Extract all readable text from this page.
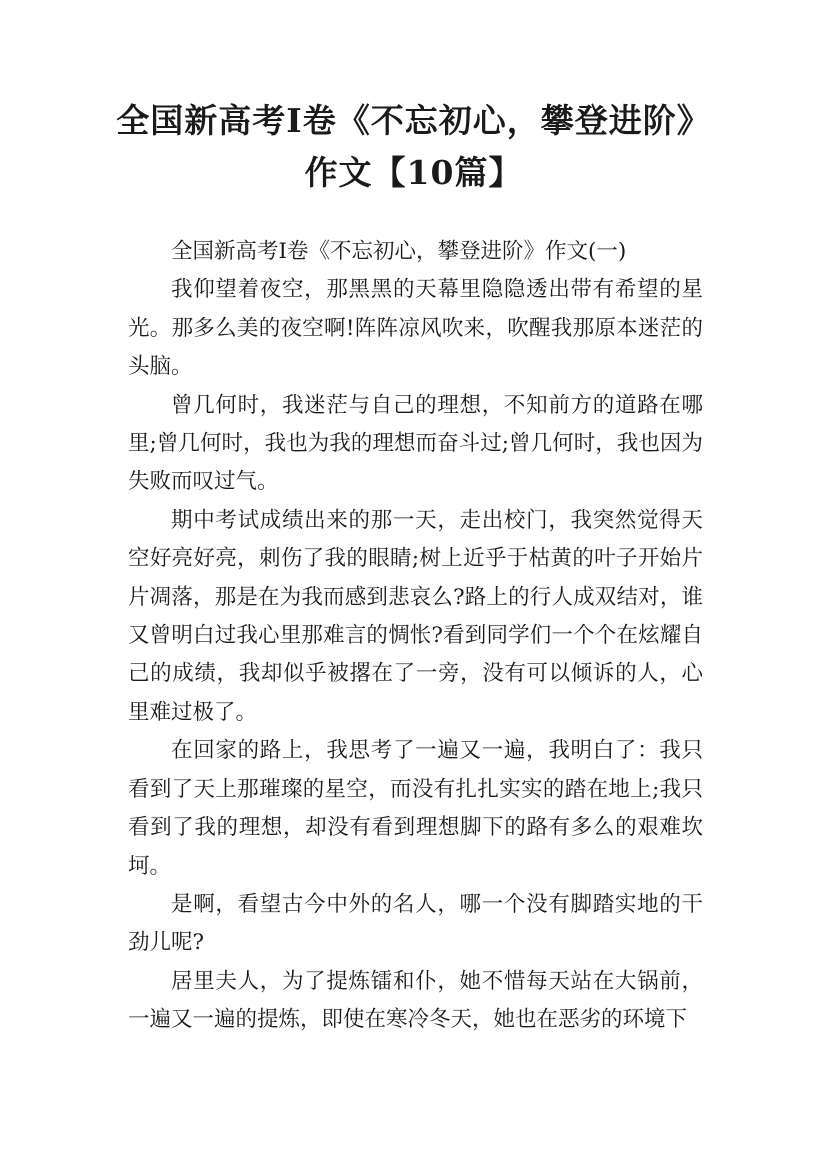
全国新高考Ⅰ卷《不忘初心，攀登进阶》作文【10篇】

全国新高考Ⅰ卷《不忘初心，攀登进阶》作文(一)

我仰望着夜空，那黑黑的天幕里隐隐透出带有希望的星光。那多么美的夜空啊!阵阵凉风吹来，吹醒我那原本迷茫的头脑。

曾几何时，我迷茫与自己的理想，不知前方的道路在哪里;曾几何时，我也为我的理想而奋斗过;曾几何时，我也因为失败而叹过气。

期中考试成绩出来的那一天，走出校门，我突然觉得天空好亮好亮，刺伤了我的眼睛;树上近乎于枯黄的叶子开始片片凋落，那是在为我而感到悲哀么?路上的行人成双结对，谁又曾明白过我心里那难言的惆怅?看到同学们一个个在炫耀自己的成绩，我却似乎被撂在了一旁，没有可以倾诉的人，心里难过极了。

在回家的路上，我思考了一遍又一遍，我明白了：我只看到了天上那璀璨的星空，而没有扎扎实实的踏在地上;我只看到了我的理想，却没有看到理想脚下的路有多么的艰难坎坷。

是啊，看望古今中外的名人，哪一个没有脚踏实地的干劲儿呢?

居里夫人，为了提炼镭和仆，她不惜每天站在大锅前，一遍又一遍的提炼，即使在寒冷冬天，她也在恶劣的环境下
